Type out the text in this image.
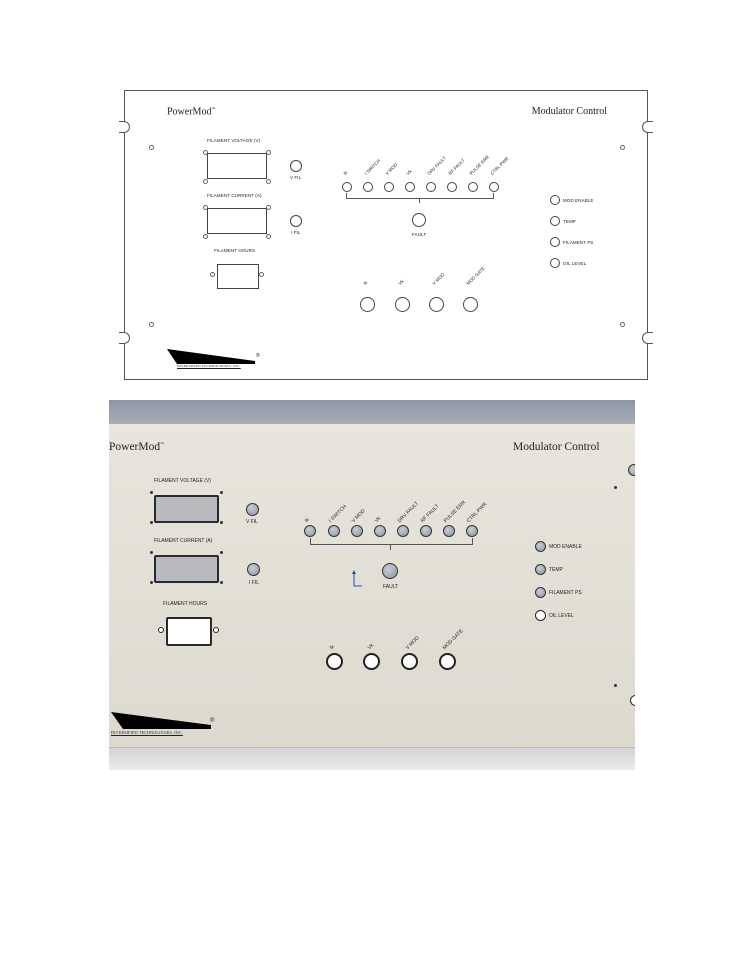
PowerMod™	Modulator Control
FILAMENT VOLTAGE (V)
V FIL
FILAMENT CURRENT (A)
I FIL
FILAMENT HOURS
Ik	I SWITCH V MOD Vk	DRV FAULT RF FAULT PULSE ERR CTRL PWR
FAULT
Ik	Vk	V MOD	MOD GATE
MOD ENABLE
TEMP
FILAMENT PS
OIL LEVEL
®
DIVERSIFIED TECHNOLOGIES, INC.
PowerMod™	Modulator Control
FILAMENT VOLTAGE (V)
V FIL
FILAMENT CURRENT (A)
I FIL
FILAMENT HOURS
Ik	I SWITCH V MOD Vk	DRV FAULT RF FAULT PULSE ERR
CTRL PWR
FAULT
Ik	Vk	V MOD	MOD GATE
MOD ENABLE
TEMP
FILAMENT PS
OIL LEVEL
®
DIVERSIFIED TECHNOLOGIES, INC.
